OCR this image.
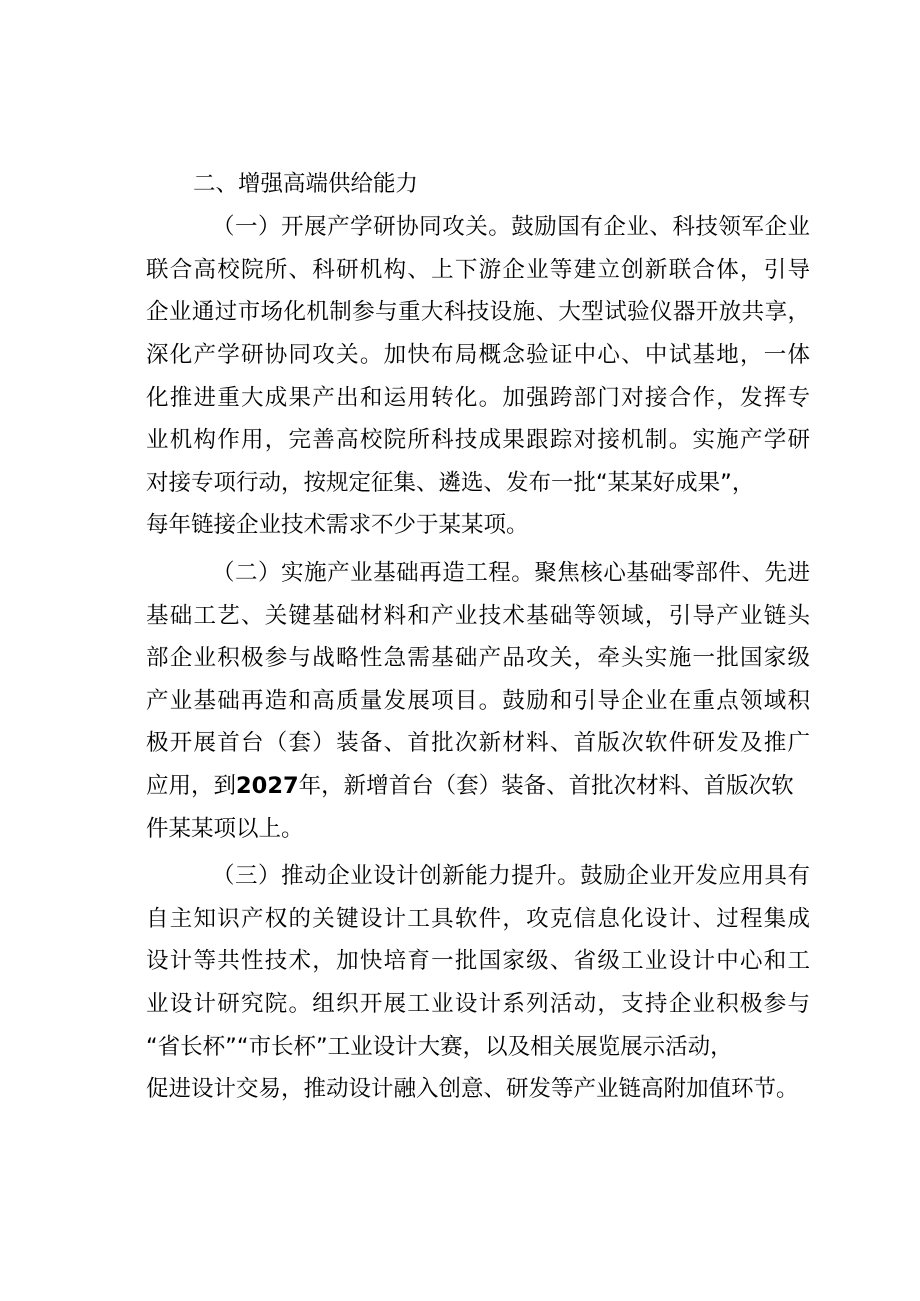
二、增强高端供给能力

（一）开展产学研协同攻关。鼓励国有企业、科技领军企业

联合高校院所、科研机构、上下游企业等建立创新联合体，引导

企业通过市场化机制参与重大科技设施、大型试验仪器开放共享，

深化产学研协同攻关。加快布局概念验证中心、中试基地，一体

化推进重大成果产出和运用转化。加强跨部门对接合作，发挥专

业机构作用，完善高校院所科技成果跟踪对接机制。实施产学研

对接专项行动，按规定征集、遴选、发布一批“某某好成果”，

每年链接企业技术需求不少于某某项。

（二）实施产业基础再造工程。聚焦核心基础零部件、先进

基础工艺、关键基础材料和产业技术基础等领域，引导产业链头

部企业积极参与战略性急需基础产品攻关，牵头实施一批国家级

产业基础再造和高质量发展项目。鼓励和引导企业在重点领域积

极开展首台（套）装备、首批次新材料、首版次软件研发及推广

应用，到2027年，新增首台（套）装备、首批次材料、首版次软

件某某项以上。

（三）推动企业设计创新能力提升。鼓励企业开发应用具有

自主知识产权的关键设计工具软件，攻克信息化设计、过程集成

设计等共性技术，加快培育一批国家级、省级工业设计中心和工

业设计研究院。组织开展工业设计系列活动，支持企业积极参与

“省长杯”“市长杯”工业设计大赛，以及相关展览展示活动，

促进设计交易，推动设计融入创意、研发等产业链高附加值环节。
